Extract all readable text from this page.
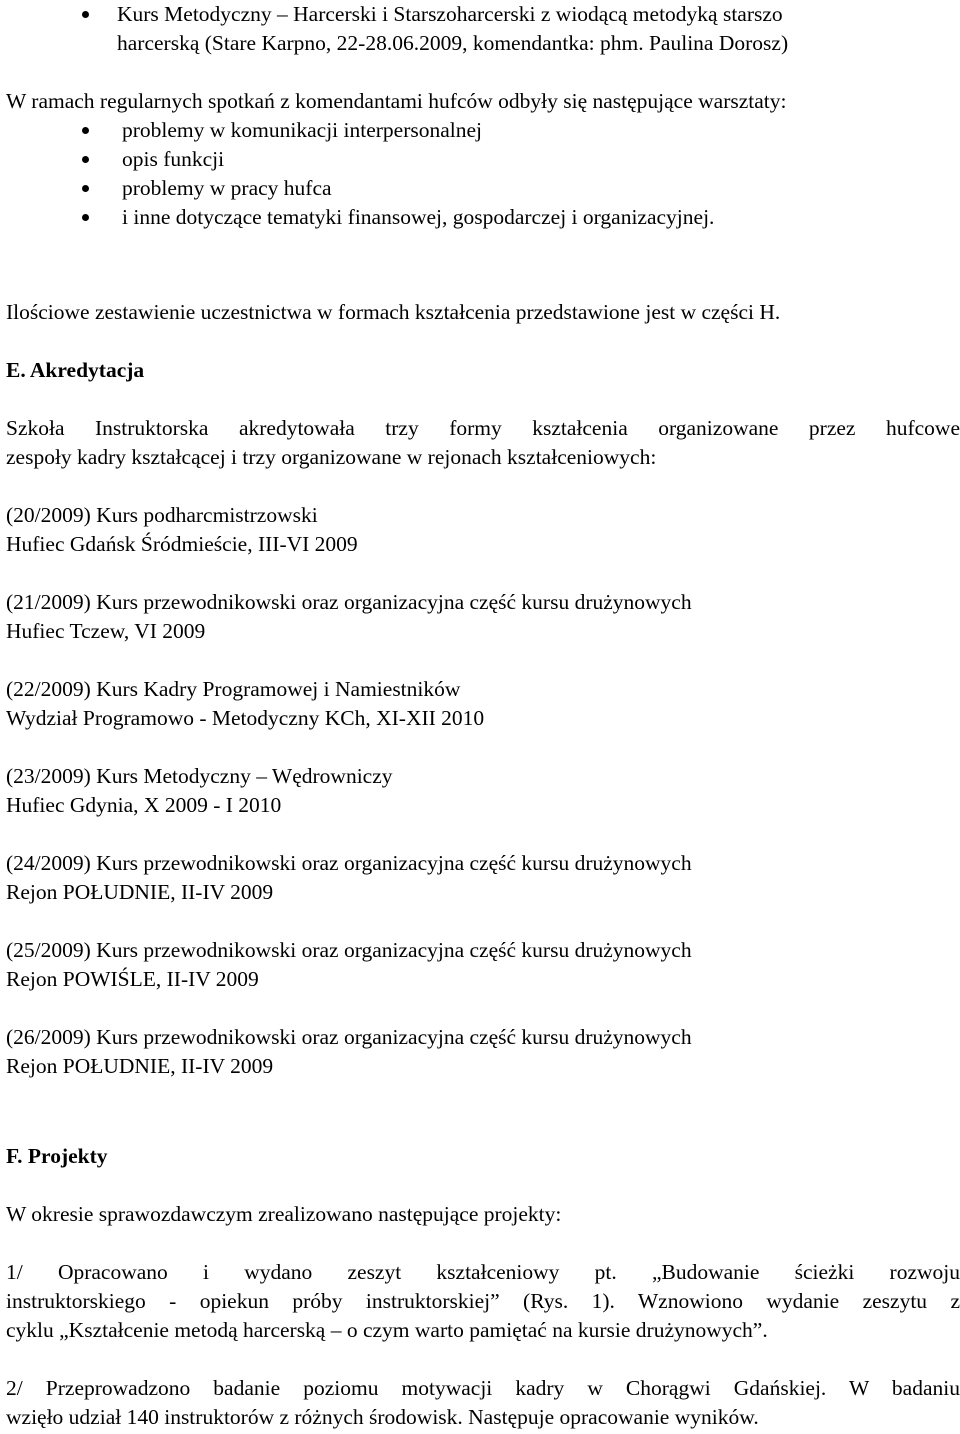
Kurs Metodyczny – Harcerski i Starszoharcerski z wiodącą metodyką starszo
harcerską (Stare Karpno, 22-28.06.2009, komendantka: phm. Paulina Dorosz)
W ramach regularnych spotkań z komendantami hufców odbyły się następujące warsztaty:
problemy w komunikacji interpersonalnej
opis funkcji
problemy w pracy hufca
i inne dotyczące tematyki finansowej, gospodarczej i organizacyjnej.
Ilościowe zestawienie uczestnictwa w formach kształcenia przedstawione jest w części H.
E. Akredytacja
Szkoła Instruktorska akredytowała trzy formy kształcenia organizowane przez hufcowe
zespoły kadry kształcącej i trzy organizowane w rejonach kształceniowych:
(20/2009) Kurs podharcmistrzowski
Hufiec Gdańsk Śródmieście, III-VI 2009
(21/2009) Kurs przewodnikowski oraz organizacyjna część kursu drużynowych
Hufiec Tczew, VI 2009
(22/2009) Kurs Kadry Programowej i Namiestników
Wydział Programowo - Metodyczny KCh, XI-XII 2010
(23/2009) Kurs Metodyczny – Wędrowniczy
Hufiec Gdynia, X 2009 - I 2010
(24/2009) Kurs przewodnikowski oraz organizacyjna część kursu drużynowych
Rejon POŁUDNIE, II-IV 2009
(25/2009) Kurs przewodnikowski oraz organizacyjna część kursu drużynowych
Rejon POWIŚLE, II-IV 2009
(26/2009) Kurs przewodnikowski oraz organizacyjna część kursu drużynowych
Rejon POŁUDNIE, II-IV 2009
F. Projekty
W okresie sprawozdawczym zrealizowano następujące projekty:
1/ Opracowano i wydano zeszyt kształceniowy pt. „Budowanie ścieżki rozwoju
instruktorskiego - opiekun próby instruktorskiej” (Rys. 1). Wznowiono wydanie zeszytu z
cyklu „Kształcenie metodą harcerską – o czym warto pamiętać na kursie drużynowych”.
2/ Przeprowadzono badanie poziomu motywacji kadry w Chorągwi Gdańskiej. W badaniu
wzięło udział 140 instruktorów z różnych środowisk. Następuje opracowanie wyników.
